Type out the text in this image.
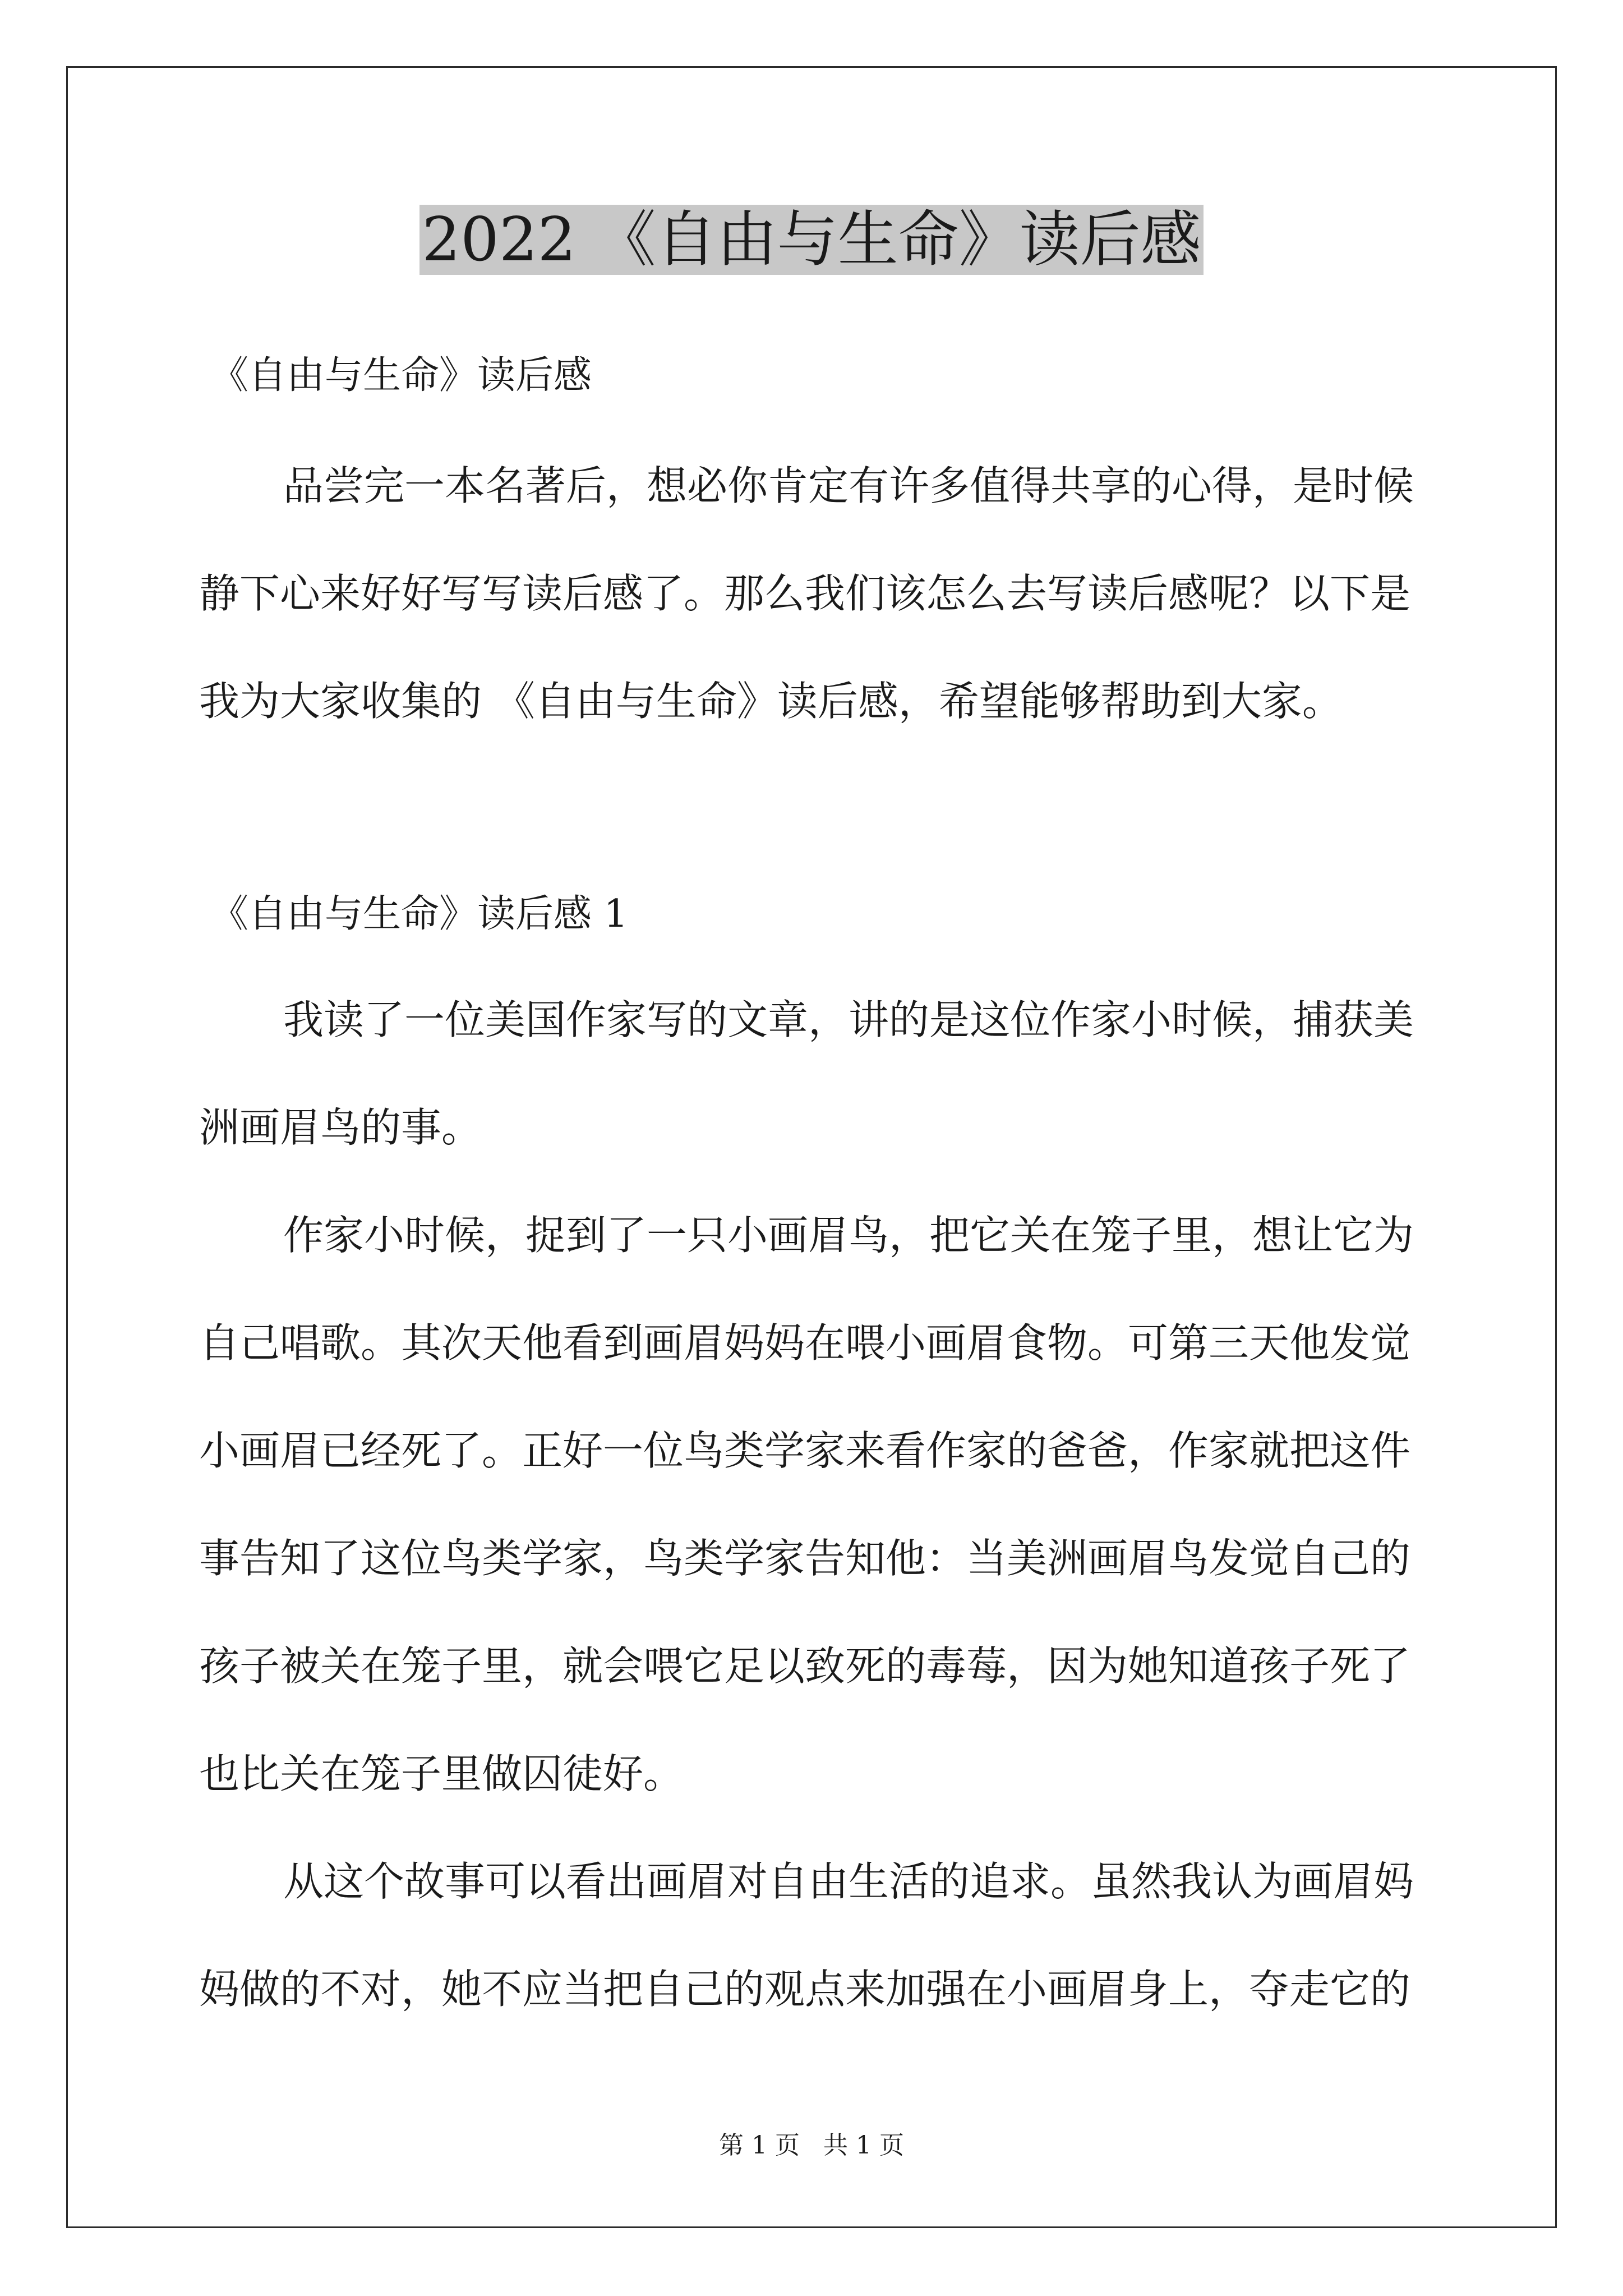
2022 《自由与生命》读后感
《自由与生命》读后感
品尝完一本名著后，想必你肯定有许多值得共享的心得，是时候
静下心来好好写写读后感了。那么我们该怎么去写读后感呢？以下是
我为大家收集的 《自由与生命》读后感，希望能够帮助到大家。
《自由与生命》读后感 1
我读了一位美国作家写的文章，讲的是这位作家小时候，捕获美
洲画眉鸟的事。
作家小时候，捉到了一只小画眉鸟，把它关在笼子里，想让它为
自己唱歌。其次天他看到画眉妈妈在喂小画眉食物。可第三天他发觉
小画眉已经死了。正好一位鸟类学家来看作家的爸爸，作家就把这件
事告知了这位鸟类学家，鸟类学家告知他：当美洲画眉鸟发觉自己的
孩子被关在笼子里，就会喂它足以致死的毒莓，因为她知道孩子死了
也比关在笼子里做囚徒好。
从这个故事可以看出画眉对自由生活的追求。虽然我认为画眉妈
妈做的不对，她不应当把自己的观点来加强在小画眉身上，夺走它的
第 1 页   共 1 页
